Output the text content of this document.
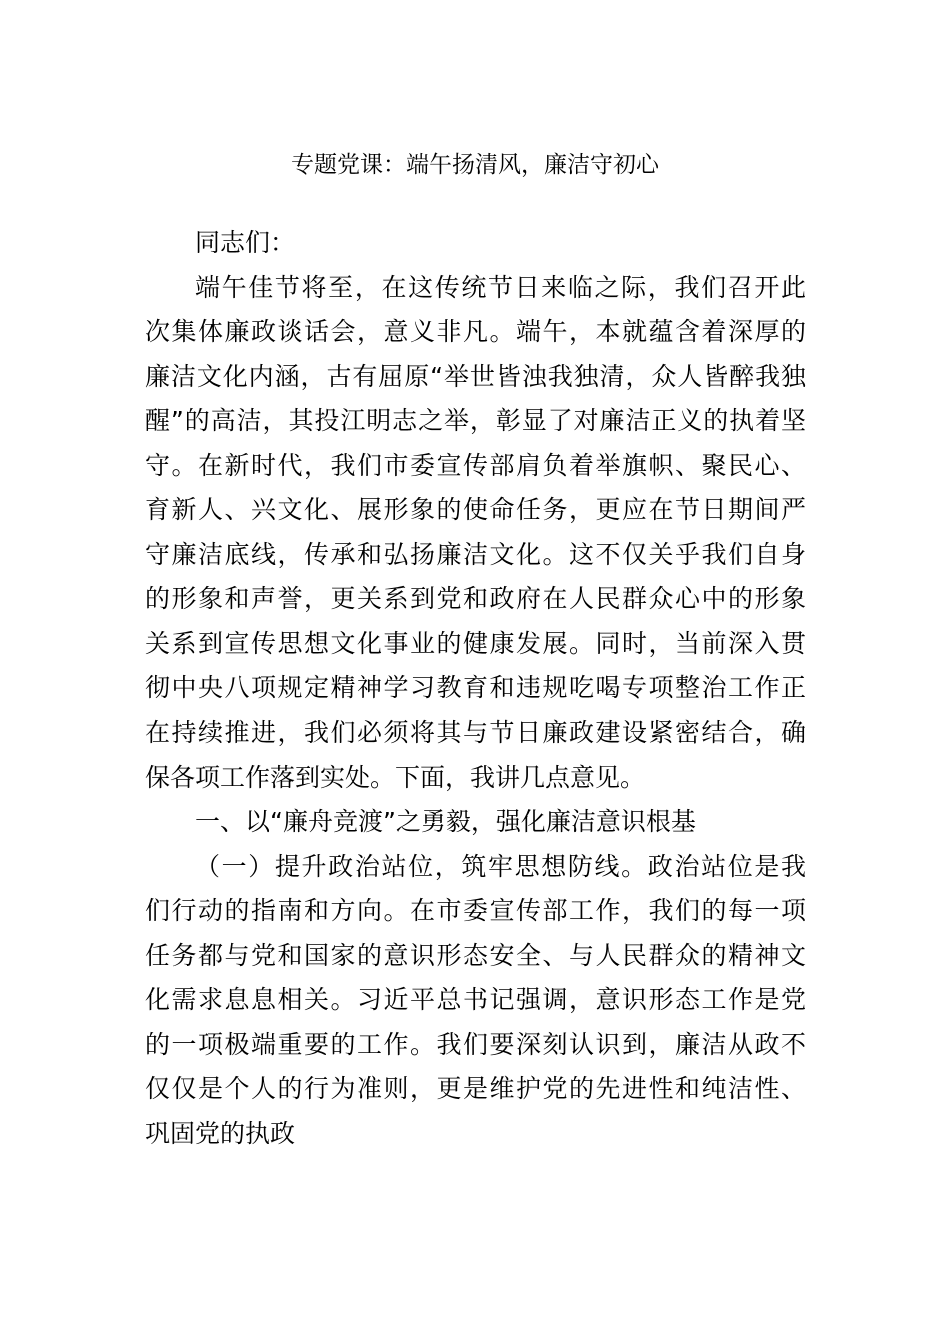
专题党课：端午扬清风，廉洁守初心
同志们：
端午佳节将至，在这传统节日来临之际，我们召开此
次集体廉政谈话会，意义非凡。端午，本就蕴含着深厚的
廉洁文化内涵，古有屈原“举世皆浊我独清，众人皆醉我独
醒”的高洁，其投江明志之举，彰显了对廉洁正义的执着坚
守。在新时代，我们市委宣传部肩负着举旗帜、聚民心、
育新人、兴文化、展形象的使命任务，更应在节日期间严
守廉洁底线，传承和弘扬廉洁文化。这不仅关乎我们自身
的形象和声誉，更关系到党和政府在人民群众心中的形象
关系到宣传思想文化事业的健康发展。同时，当前深入贯
彻中央八项规定精神学习教育和违规吃喝专项整治工作正
在持续推进，我们必须将其与节日廉政建设紧密结合，确
保各项工作落到实处。下面，我讲几点意见。
一、以“廉舟竞渡”之勇毅，强化廉洁意识根基
（一）提升政治站位，筑牢思想防线。政治站位是我
们行动的指南和方向。在市委宣传部工作，我们的每一项
任务都与党和国家的意识形态安全、与人民群众的精神文
化需求息息相关。习近平总书记强调，意识形态工作是党
的一项极端重要的工作。我们要深刻认识到，廉洁从政不
仅仅是个人的行为准则，更是维护党的先进性和纯洁性、
巩固党的执政
